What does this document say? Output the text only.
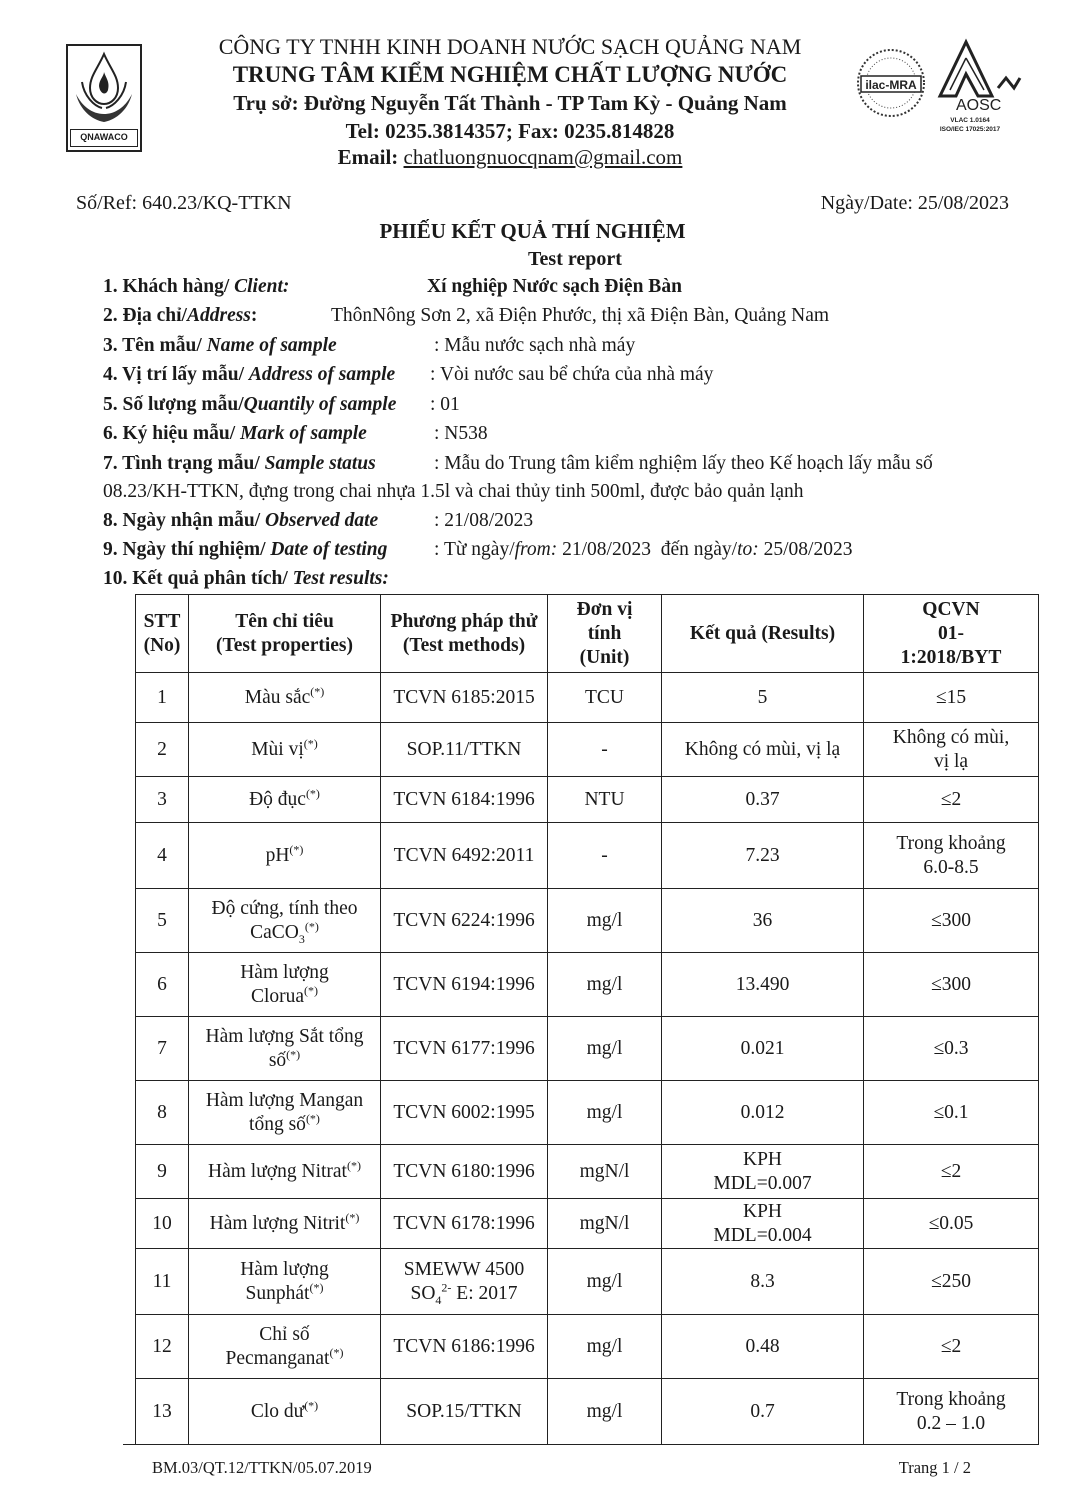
QNAWACO
CÔNG TY TNHH KINH DOANH NƯỚC SẠCH QUẢNG NAM
TRUNG TÂM KIỂM NGHIỆM CHẤT LƯỢNG NƯỚC
Trụ sở: Đường Nguyễn Tất Thành - TP Tam Kỳ - Quảng Nam
Tel: 0235.3814357; Fax: 0235.814828
Email: chatluongnuocqnam@gmail.com
ilac-MRA
AOSC
VLAC 1.0164
ISO/IEC 17025:2017
Số/Ref: 640.23/KQ-TTKN	Ngày/Date: 25/08/2023
PHIẾU KẾT QUẢ THÍ NGHIỆM
Test report
1. Khách hàng/ Client:	Xí nghiệp Nước sạch Điện Bàn
2. Địa chỉ/Address:	ThônNông Sơn 2, xã Điện Phước, thị xã Điện Bàn, Quảng Nam
3. Tên mẫu/ Name of sample	: Mẫu nước sạch nhà máy
4. Vị trí lấy mẫu/ Address of sample : Vòi nước sau bể chứa của nhà máy
5. Số lượng mẫu/Quantily of sample : 01
6. Ký hiệu mẫu/ Mark of sample	: N538
7. Tình trạng mẫu/ Sample status	: Mẫu do Trung tâm kiểm nghiệm lấy theo Kế hoạch lấy mẫu số
08.23/KH-TTKN, đựng trong chai nhựa 1.5l và chai thủy tinh 500ml, được bảo quản lạnh
8. Ngày nhận mẫu/ Observed date	: 21/08/2023
9. Ngày thí nghiệm/ Date of testing : Từ ngày/from: 21/08/2023 đến ngày/to: 25/08/2023
10. Kết quả phân tích/ Test results:
STT
(No)	Tên chỉ tiêu
(Test properties)	Phương pháp thử
(Test methods)	Đơn vị
tính
(Unit)	Kết quả (Results)	QCVN
01-
1:2018/BYT
1	Màu sắc(*)	TCVN 6185:2015	TCU	5	≤15
2	Mùi vị(*)	SOP.11/TTKN	-	Không có mùi, vị lạ	Không có mùi,
vị lạ
3	Độ đục(*)	TCVN 6184:1996	NTU	0.37	≤2
4	pH(*)	TCVN 6492:2011	-	7.23	Trong khoảng
6.0-8.5
5	Độ cứng, tính theo
CaCO$_3$(*)	TCVN 6224:1996	mg/l	36	≤300
6	Hàm lượng
Clorua(*)	TCVN 6194:1996	mg/l	13.490	≤300
7	Hàm lượng Sắt tổng
số(*)	TCVN 6177:1996	mg/l	0.021	≤0.3
8	Hàm lượng Mangan
tổng số(*)	TCVN 6002:1995	mg/l	0.012	≤0.1
9	Hàm lượng Nitrat(*)	TCVN 6180:1996	mgN/l	KPH
MDL=0.007	≤2
10	Hàm lượng Nitrit(*)	TCVN 6178:1996	mgN/l	KPH
MDL=0.004	≤0.05
11	Hàm lượng
Sunphát(*)	SMEWW 4500
$SO_4^{2-}$ E: 2017	mg/l	8.3	≤250
12	Chỉ số
Pecmanganat(*)	TCVN 6186:1996	mg/l	0.48	≤2
13	Clo dư(*)	SOP.15/TTKN	mg/l	0.7	Trong khoảng
0.2 – 1.0
BM.03/QT.12/TTKN/05.07.2019	Trang 1 / 2
